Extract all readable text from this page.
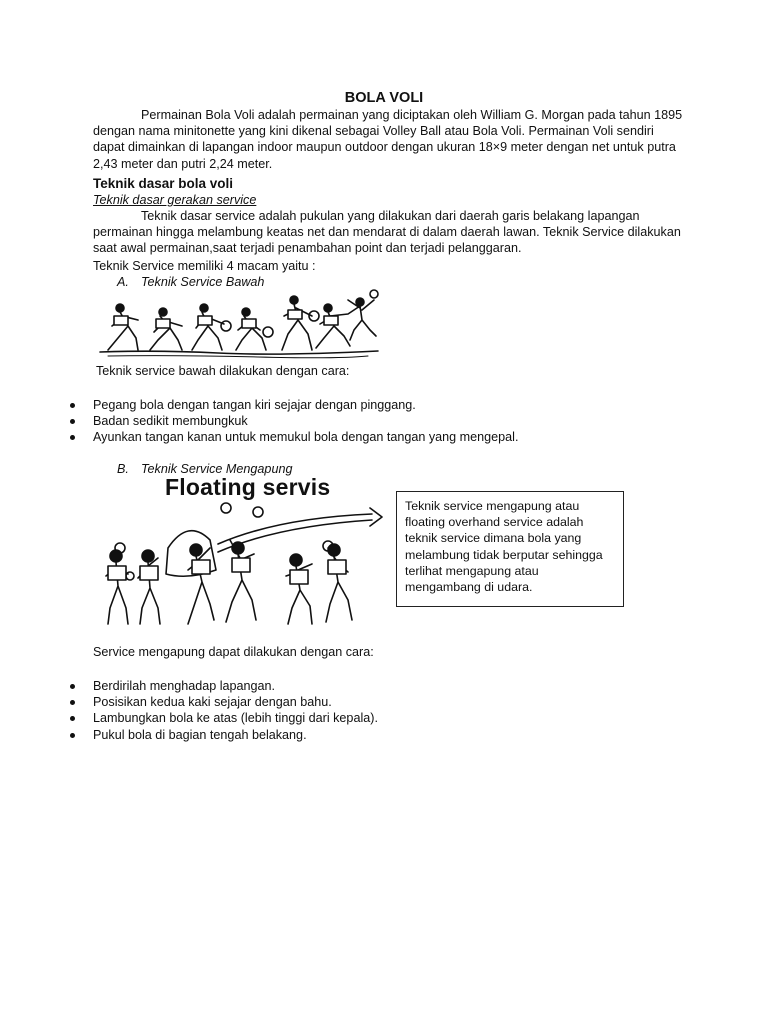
BOLA VOLI
Permainan Bola Voli adalah permainan yang diciptakan oleh William G. Morgan pada tahun 1895 dengan nama minitonette yang kini dikenal sebagai Volley Ball atau Bola Voli. Permainan Voli sendiri dapat dimainkan di lapangan indoor maupun outdoor dengan ukuran 18×9 meter dengan net untuk putra 2,43 meter dan putri 2,24 meter.
Teknik dasar bola voli
Teknik dasar gerakan service
Teknik dasar service adalah pukulan yang dilakukan dari daerah garis belakang lapangan permainan hingga melambung keatas net dan mendarat di dalam daerah lawan. Teknik Service dilakukan saat awal permainan,saat terjadi penambahan point dan terjadi pelanggaran.
Teknik Service memiliki 4 macam yaitu :
A. Teknik Service Bawah
Teknik service bawah dilakukan dengan cara:
Pegang bola dengan tangan kiri sejajar dengan pinggang.
Badan sedikit membungkuk
Ayunkan tangan kanan untuk memukul bola dengan tangan yang mengepal.
B. Teknik Service Mengapung
Floating servis
Teknik service mengapung atau floating overhand service adalah teknik service dimana bola yang melambung tidak berputar sehingga terlihat mengapung atau mengambang di udara.
Service mengapung dapat dilakukan dengan cara:
Berdirilah menghadap lapangan.
Posisikan kedua kaki sejajar dengan bahu.
Lambungkan bola ke atas (lebih tinggi dari kepala).
Pukul bola di bagian tengah belakang.
